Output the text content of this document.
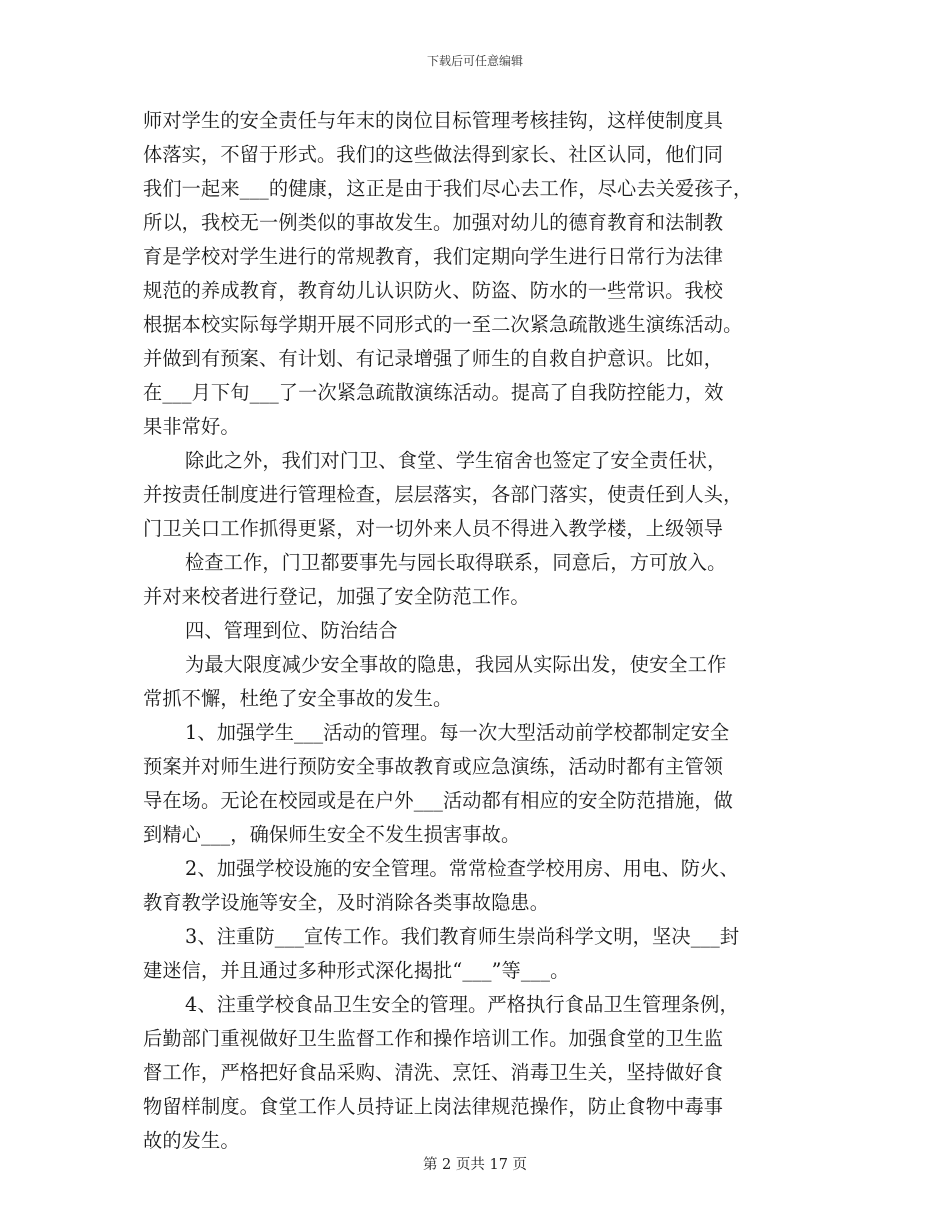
下载后可任意编辑
师对学生的安全责任与年末的岗位目标管理考核挂钩，这样使制度具
体落实，不留于形式。我们的这些做法得到家长、社区认同，他们同
我们一起来___的健康，这正是由于我们尽心去工作，尽心去关爱孩子，
所以，我校无一例类似的事故发生。加强对幼儿的德育教育和法制教
育是学校对学生进行的常规教育，我们定期向学生进行日常行为法律
规范的养成教育，教育幼儿认识防火、防盗、防水的一些常识。我校
根据本校实际每学期开展不同形式的一至二次紧急疏散逃生演练活动。
并做到有预案、有计划、有记录增强了师生的自救自护意识。比如，
在___月下旬___了一次紧急疏散演练活动。提高了自我防控能力，效
果非常好。
除此之外，我们对门卫、食堂、学生宿舍也签定了安全责任状，
并按责任制度进行管理检查，层层落实，各部门落实，使责任到人头，
门卫关口工作抓得更紧，对一切外来人员不得进入教学楼，上级领导
检查工作，门卫都要事先与园长取得联系，同意后，方可放入。
并对来校者进行登记，加强了安全防范工作。
四、管理到位、防治结合
为最大限度减少安全事故的隐患，我园从实际出发，使安全工作
常抓不懈，杜绝了安全事故的发生。
1、加强学生___活动的管理。每一次大型活动前学校都制定安全
预案并对师生进行预防安全事故教育或应急演练，活动时都有主管领
导在场。无论在校园或是在户外___活动都有相应的安全防范措施，做
到精心___，确保师生安全不发生损害事故。
2、加强学校设施的安全管理。常常检查学校用房、用电、防火、
教育教学设施等安全，及时消除各类事故隐患。
3、注重防___宣传工作。我们教育师生崇尚科学文明，坚决___封
建迷信，并且通过多种形式深化揭批“___”等___。
4、注重学校食品卫生安全的管理。严格执行食品卫生管理条例，
后勤部门重视做好卫生监督工作和操作培训工作。加强食堂的卫生监
督工作，严格把好食品采购、清洗、烹饪、消毒卫生关，坚持做好食
物留样制度。食堂工作人员持证上岗法律规范操作，防止食物中毒事
故的发生。
第 2 页共 17 页
